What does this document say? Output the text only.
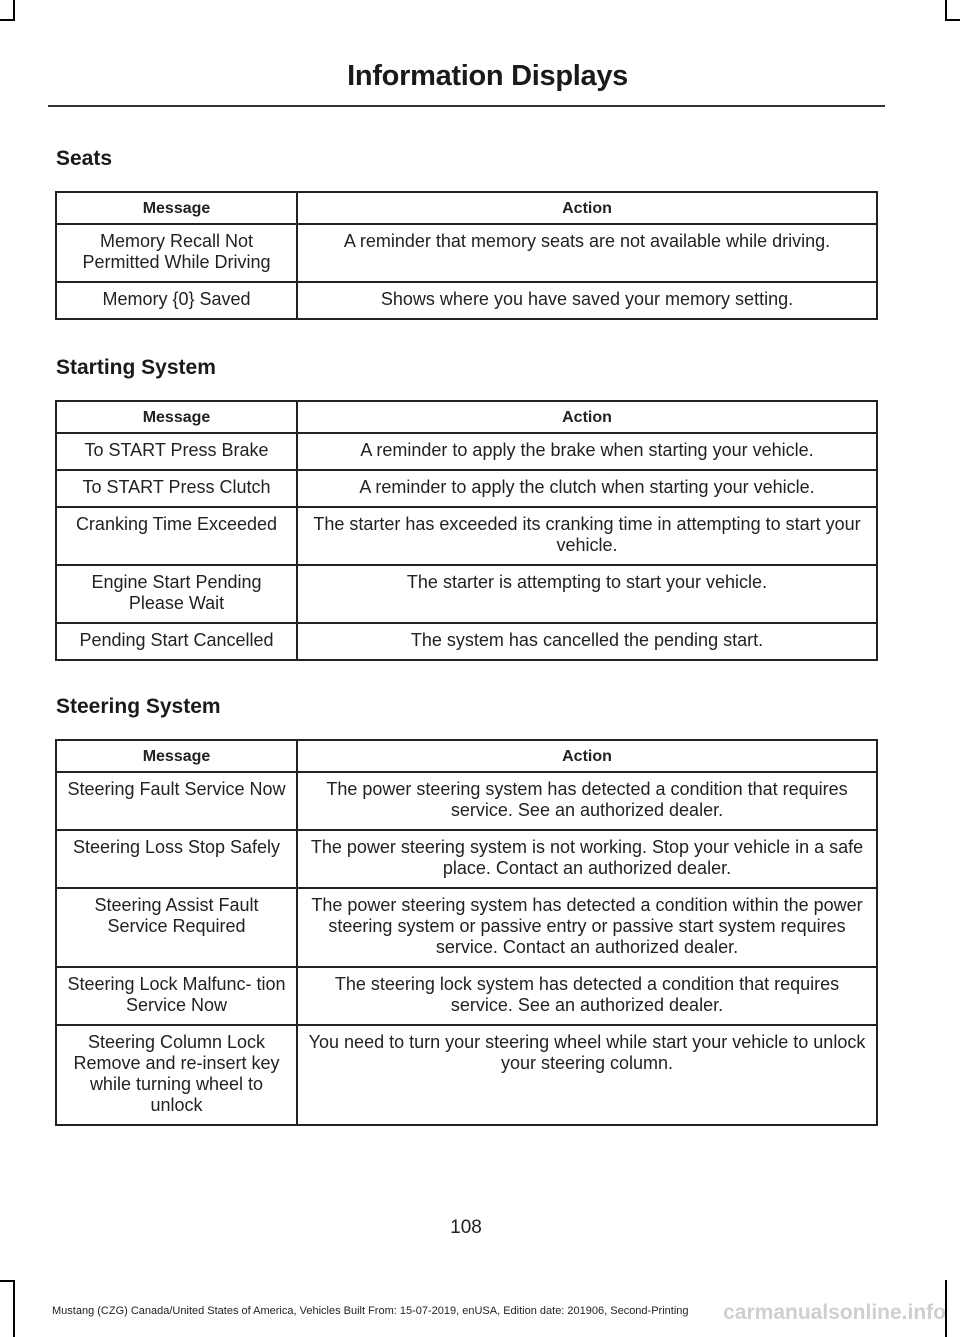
Information Displays
Seats
Message	Action
Memory Recall Not Permitted While Driving	A reminder that memory seats are not available while driving.
Memory {0} Saved	Shows where you have saved your memory setting.
Starting System
Message	Action
To START Press Brake	A reminder to apply the brake when starting your vehicle.
To START Press Clutch	A reminder to apply the clutch when starting your vehicle.
Cranking Time Exceeded	The starter has exceeded its cranking time in attempting to start your vehicle.
Engine Start Pending Please Wait	The starter is attempting to start your vehicle.
Pending Start Cancelled	The system has cancelled the pending start.
Steering System
Message	Action
Steering Fault Service Now	The power steering system has detected a condition that requires service. See an authorized dealer.
Steering Loss Stop Safely	The power steering system is not working. Stop your vehicle in a safe place. Contact an authorized dealer.
Steering Assist Fault Service Required	The power steering system has detected a condition within the power steering system or passive entry or passive start system requires service. Contact an authorized dealer.
Steering Lock Malfunc- tion Service Now	The steering lock system has detected a condition that requires service. See an authorized dealer.
Steering Column Lock Remove and re-insert key while turning wheel to unlock	You need to turn your steering wheel while start your vehicle to unlock your steering column.
108
Mustang (CZG) Canada/United States of America, Vehicles Built From: 15-07-2019, enUSA, Edition date: 201906, Second-Printing carmanualsonline.info
